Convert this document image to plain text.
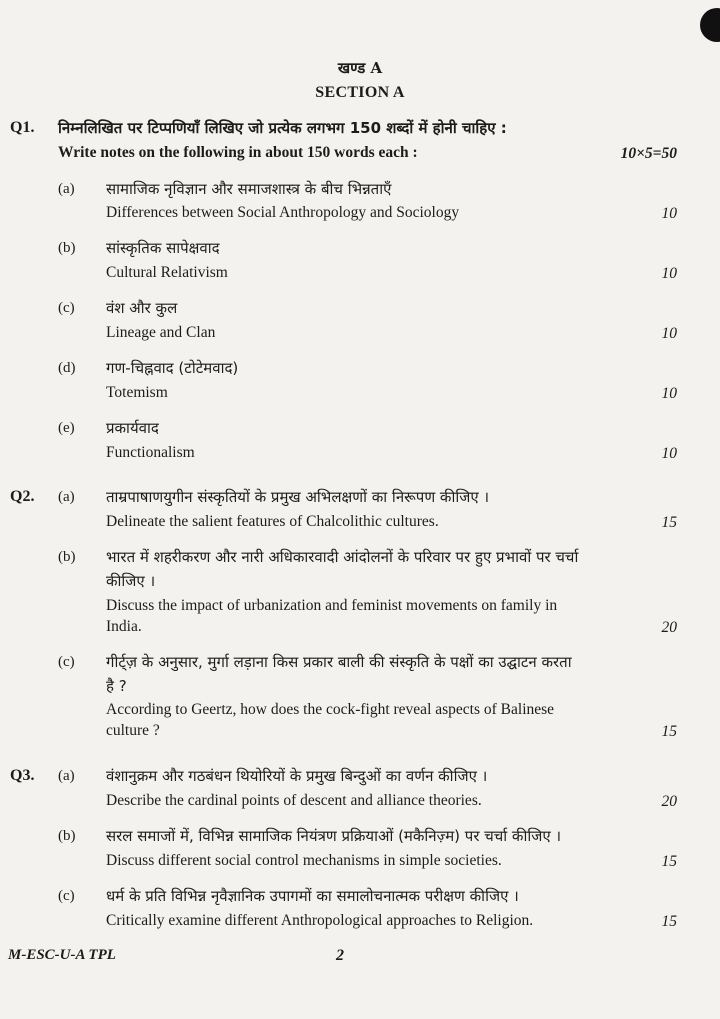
खण्ड A
SECTION A
Q1. निम्नलिखित पर टिप्पणियाँ लिखिए जो प्रत्येक लगभग 150 शब्दों में होनी चाहिए :
Write notes on the following in about 150 words each :	10×5=50
(a) सामाजिक नृविज्ञान और समाजशास्त्र के बीच भिन्नताएँ
Differences between Social Anthropology and Sociology	10
(b) सांस्कृतिक सापेक्षवाद
Cultural Relativism	10
(c) वंश और कुल
Lineage and Clan	10
(d) गण-चिह्नवाद (टोटेमवाद)
Totemism	10
(e) प्रकार्यवाद
Functionalism	10
Q2. (a) ताम्रपाषाणयुगीन संस्कृतियों के प्रमुख अभिलक्षणों का निरूपण कीजिए ।
Delineate the salient features of Chalcolithic cultures.	15
(b) भारत में शहरीकरण और नारी अधिकारवादी आंदोलनों के परिवार पर हुए प्रभावों पर चर्चा
कीजिए ।
Discuss the impact of urbanization and feminist movements on family in
India.	20
(c) गीर्ट्ज़ के अनुसार, मुर्गा लड़ाना किस प्रकार बाली की संस्कृति के पक्षों का उद्घाटन करता
है ?
According to Geertz, how does the cock-fight reveal aspects of Balinese
culture ?	15
Q3. (a) वंशानुक्रम और गठबंधन थियोरियों के प्रमुख बिन्दुओं का वर्णन कीजिए ।
Describe the cardinal points of descent and alliance theories.	20
(b) सरल समाजों में, विभिन्न सामाजिक नियंत्रण प्रक्रियाओं (मकैनिज़्म) पर चर्चा कीजिए ।
Discuss different social control mechanisms in simple societies.	15
(c) धर्म के प्रति विभिन्न नृवैज्ञानिक उपागमों का समालोचनात्मक परीक्षण कीजिए ।
Critically examine different Anthropological approaches to Religion.	15
M-ESC-U-A TPL	2
